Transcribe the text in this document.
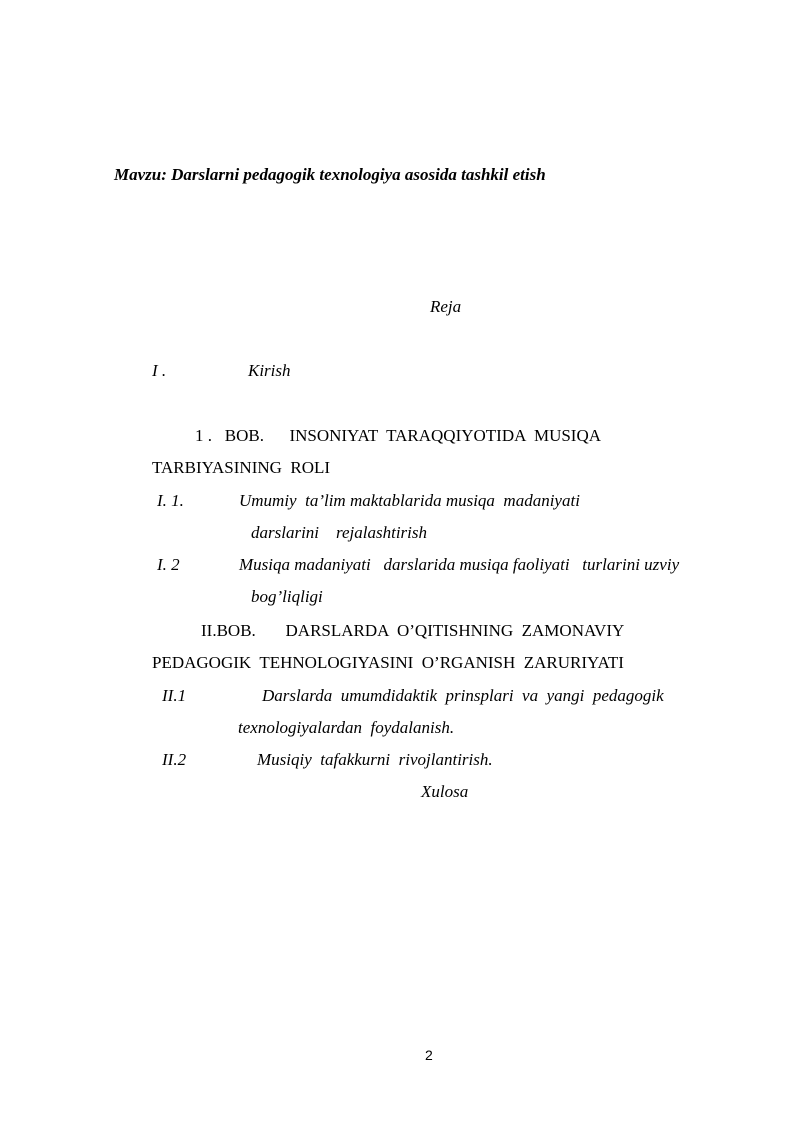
Mavzu: Darslarni pedagogik texnologiya asosida tashkil etish
Reja
I .	Kirish
1 .   BOB.      INSONIYAT  TARAQQIYOTIDA  MUSIQA
TARBIYASINING  ROLI
I. 1.	Umumiy  ta’lim maktablarida musiqa  madaniyati
darslarini    rejalashtirish
I. 2	Musiqa madaniyati   darslarida musiqa faoliyati   turlarini uzviy
bog’liqligi
II.BOB.       DARSLARDA  O’QITISHNING  ZAMONAVIY
PEDAGOGIK  TEHNOLOGIYASINI  O’RGANISH  ZARURIYATI
II.1	Darslarda  umumdidaktik  prinsplari  va  yangi  pedagogik
texnologiyalardan  foydalanish.
II.2	Musiqiy  tafakkurni  rivojlantirish.
Xulosa
2
